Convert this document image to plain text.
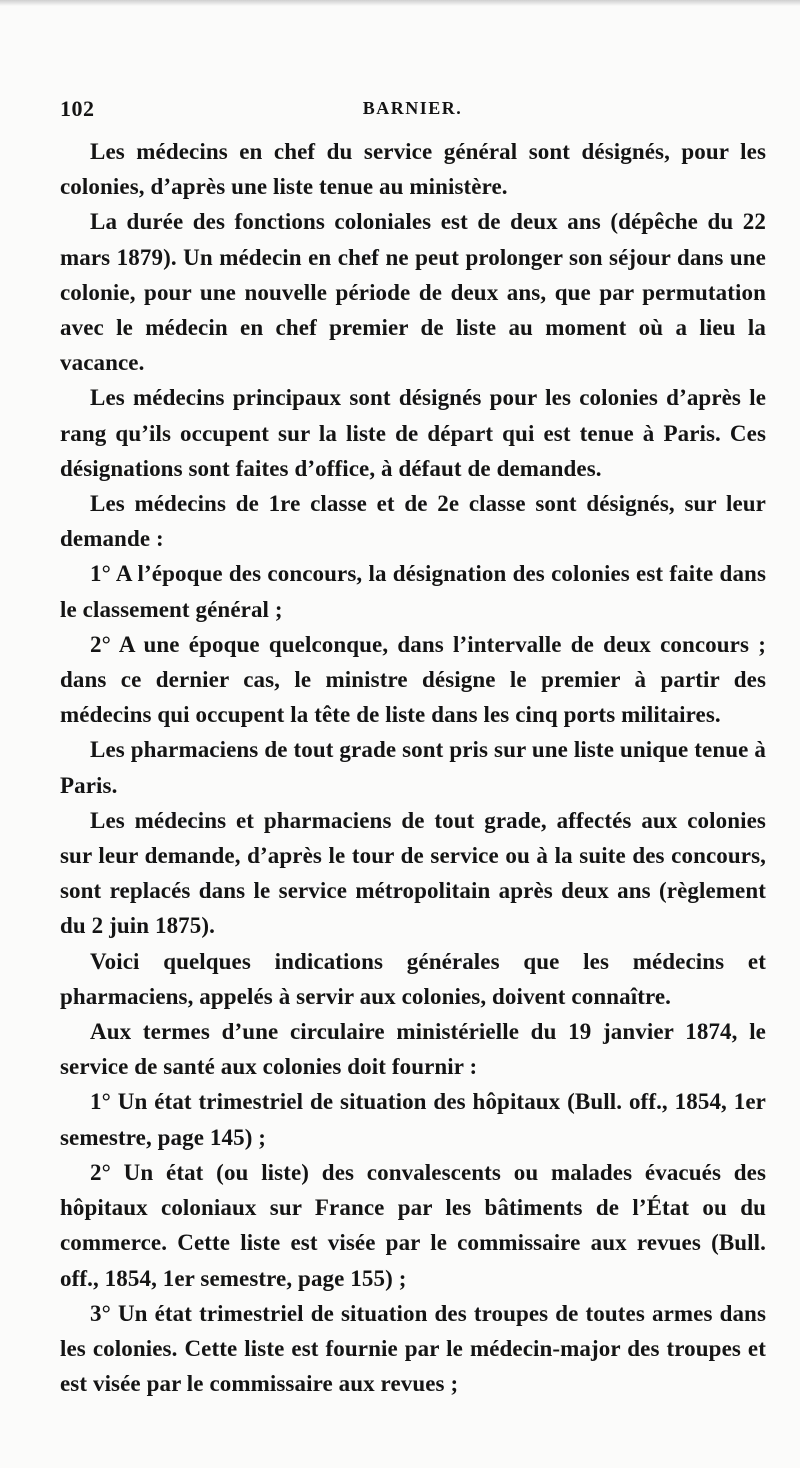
102	BARNIER.

Les médecins en chef du service général sont désignés, pour les colonies, d’après une liste tenue au ministère.

La durée des fonctions coloniales est de deux ans (dépêche du 22 mars 1879). Un médecin en chef ne peut prolonger son séjour dans une colonie, pour une nouvelle période de deux ans, que par permutation avec le médecin en chef premier de liste au moment où a lieu la vacance.

Les médecins principaux sont désignés pour les colonies d’après le rang qu’ils occupent sur la liste de départ qui est tenue à Paris. Ces désignations sont faites d’office, à défaut de demandes.

Les médecins de 1re classe et de 2e classe sont désignés, sur leur demande :

1° A l’époque des concours, la désignation des colonies est faite dans le classement général ;

2° A une époque quelconque, dans l’intervalle de deux concours ; dans ce dernier cas, le ministre désigne le premier à partir des médecins qui occupent la tête de liste dans les cinq ports militaires.

Les pharmaciens de tout grade sont pris sur une liste unique tenue à Paris.

Les médecins et pharmaciens de tout grade, affectés aux colonies sur leur demande, d’après le tour de service ou à la suite des concours, sont replacés dans le service métropolitain après deux ans (règlement du 2 juin 1875).

Voici quelques indications générales que les médecins et pharmaciens, appelés à servir aux colonies, doivent connaître.

Aux termes d’une circulaire ministérielle du 19 janvier 1874, le service de santé aux colonies doit fournir :

1° Un état trimestriel de situation des hôpitaux (Bull. off., 1854, 1er semestre, page 145) ;

2° Un état (ou liste) des convalescents ou malades évacués des hôpitaux coloniaux sur France par les bâtiments de l’État ou du commerce. Cette liste est visée par le commissaire aux revues (Bull. off., 1854, 1er semestre, page 155) ;

3° Un état trimestriel de situation des troupes de toutes armes dans les colonies. Cette liste est fournie par le médecin-major des troupes et est visée par le commissaire aux revues ;
